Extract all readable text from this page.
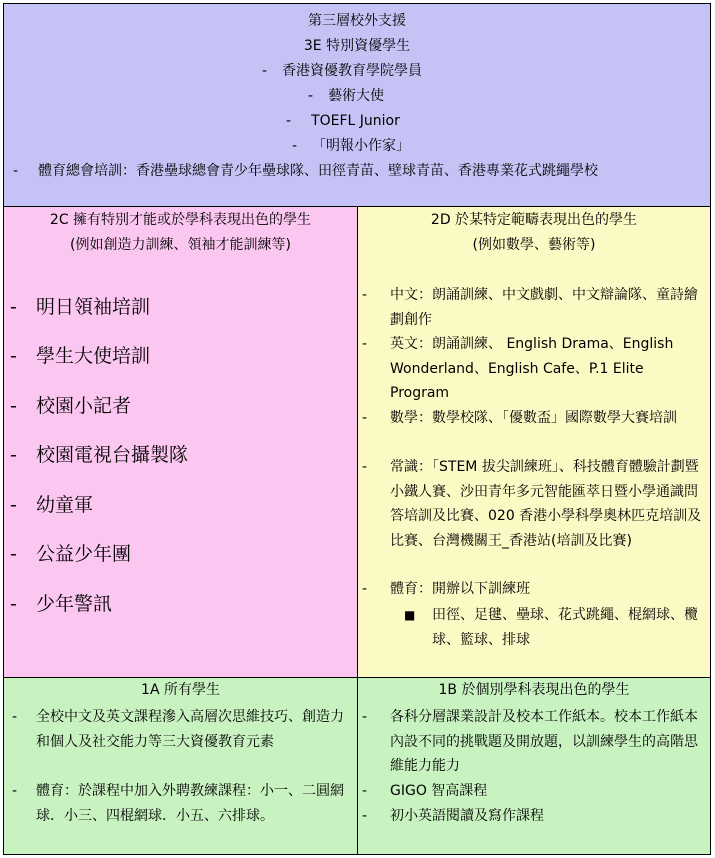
第三層校外支援
3E 特別資優學生
- 香港資優教育學院學員
- 藝術大使
- TOEFL Junior
- 「明報小作家」
- 體育總會培訓：香港壘球總會青少年壘球隊、田徑青苗、壁球青苗、香港專業花式跳繩學校
2C 擁有特別才能或於學科表現出色的學生
(例如創造力訓練、領袖才能訓練等)
- 明日領袖培訓
- 學生大使培訓
- 校園小記者
- 校園電視台攝製隊
- 幼童軍
- 公益少年團
- 少年警訊
2D 於某特定範疇表現出色的學生
(例如數學、藝術等)
- 中文：朗誦訓練、中文戲劇、中文辯論隊、童詩繪劃創作
- 英文：朗誦訓練、 English Drama、English Wonderland、English Cafe、P.1 Elite Program
- 數學：數學校隊、「優數盃」國際數學大賽培訓
- 常識：「STEM 拔尖訓練班」、科技體育體驗計劃暨小鐵人賽、沙田青年多元智能匯萃日暨小學通識問答培訓及比賽、020 香港小學科學奧林匹克培訓及比賽、台灣機關王_香港站(培訓及比賽)
- 體育：開辦以下訓練班
■ 田徑、足毽、壘球、花式跳繩、棍網球、欖球、籃球、排球
1A 所有學生
- 全校中文及英文課程滲入高層次思維技巧、創造力和個人及社交能力等三大資優教育元素
- 體育：於課程中加入外聘教練課程：小一、二圓網球．小三、四棍網球．小五、六排球。
1B 於個別學科表現出色的學生
- 各科分層課業設計及校本工作紙本。校本工作紙本內設不同的挑戰題及開放題，以訓練學生的高階思維能力能力
- GIGO 智高課程
- 初小英語閱讀及寫作課程
